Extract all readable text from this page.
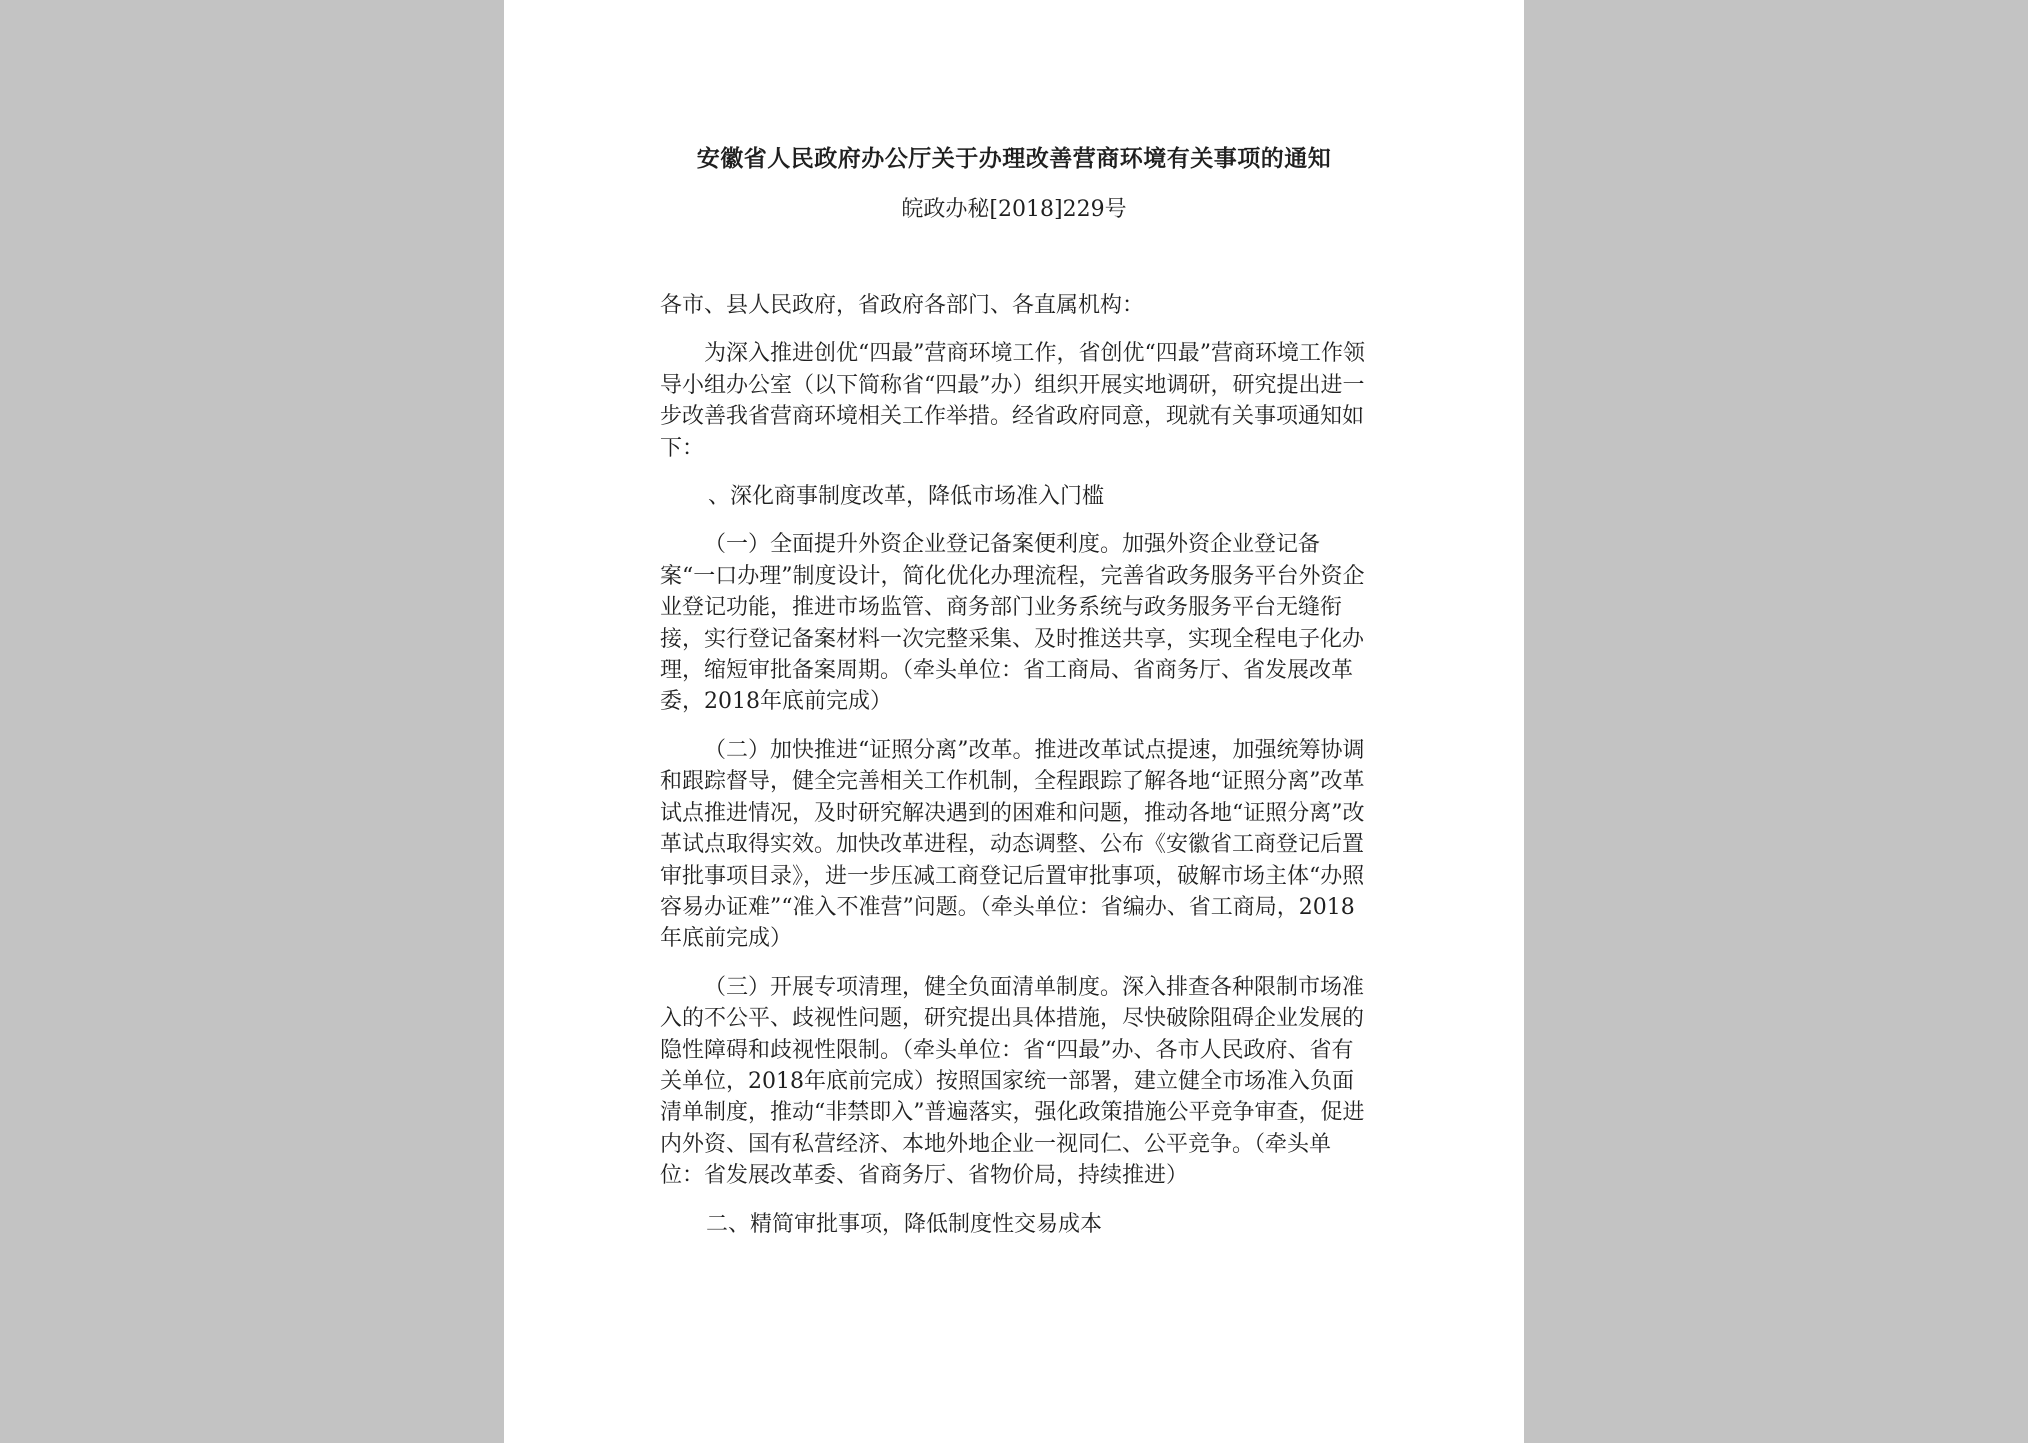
安徽省人民政府办公厅关于办理改善营商环境有关事项的通知
皖政办秘[2018]229号

各市、县人民政府，省政府各部门、各直属机构：

为深入推进创优“四最”营商环境工作，省创优“四最”营商环境工作领导小组办公室（以下简称省“四最”办）组织开展实地调研，研究提出进一步改善我省营商环境相关工作举措。经省政府同意，现就有关事项通知如下：

、深化商事制度改革，降低市场准入门槛

（一）全面提升外资企业登记备案便利度。加强外资企业登记备案“一口办理”制度设计，简化优化办理流程，完善省政务服务平台外资企业登记功能，推进市场监管、商务部门业务系统与政务服务平台无缝衔接，实行登记备案材料一次完整采集、及时推送共享，实现全程电子化办理，缩短审批备案周期。（牵头单位：省工商局、省商务厅、省发展改革委，2018年底前完成）

（二）加快推进“证照分离”改革。推进改革试点提速，加强统筹协调和跟踪督导，健全完善相关工作机制，全程跟踪了解各地“证照分离”改革试点推进情况，及时研究解决遇到的困难和问题，推动各地“证照分离”改革试点取得实效。加快改革进程，动态调整、公布《安徽省工商登记后置审批事项目录》，进一步压减工商登记后置审批事项，破解市场主体“办照容易办证难”“准入不准营”问题。（牵头单位：省编办、省工商局，2018年底前完成）

（三）开展专项清理，健全负面清单制度。深入排查各种限制市场准入的不公平、歧视性问题，研究提出具体措施，尽快破除阻碍企业发展的隐性障碍和歧视性限制。（牵头单位：省“四最”办、各市人民政府、省有关单位，2018年底前完成）按照国家统一部署，建立健全市场准入负面清单制度，推动“非禁即入”普遍落实，强化政策措施公平竞争审查，促进内外资、国有私营经济、本地外地企业一视同仁、公平竞争。（牵头单位：省发展改革委、省商务厅、省物价局，持续推进）

二、精简审批事项，降低制度性交易成本
